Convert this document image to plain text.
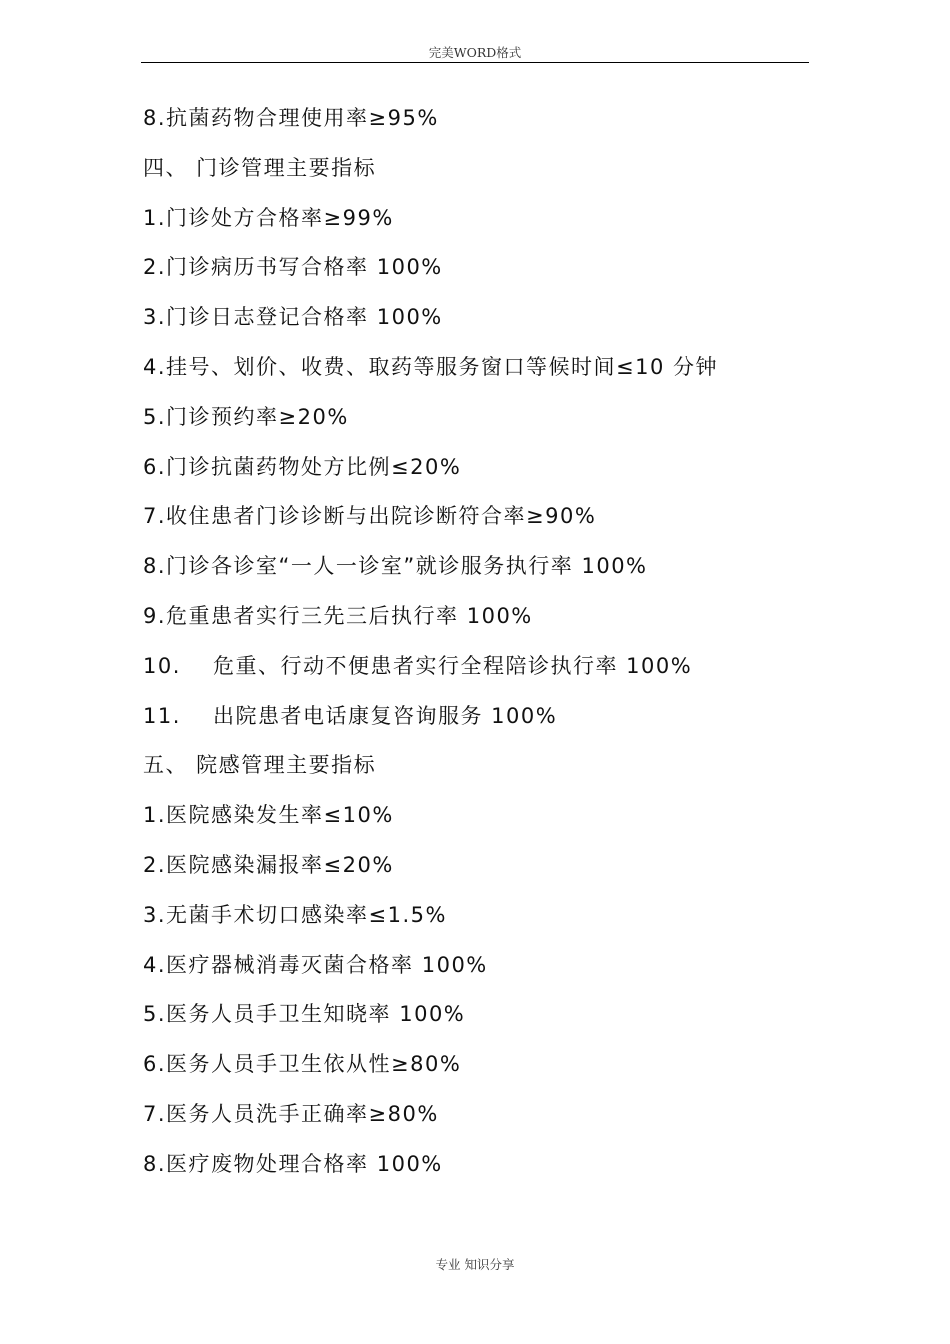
完美WORD格式
8.抗菌药物合理使用率≥95%
四、 门诊管理主要指标
1.门诊处方合格率≥99%
2.门诊病历书写合格率 100%
3.门诊日志登记合格率 100%
4.挂号、划价、收费、取药等服务窗口等候时间≤10 分钟
5.门诊预约率≥20%
6.门诊抗菌药物处方比例≤20%
7.收住患者门诊诊断与出院诊断符合率≥90%
8.门诊各诊室“一人一诊室”就诊服务执行率 100%
9.危重患者实行三先三后执行率 100%
10. 危重、行动不便患者实行全程陪诊执行率 100%
11. 出院患者电话康复咨询服务 100%
五、 院感管理主要指标
1.医院感染发生率≤10%
2.医院感染漏报率≤20%
3.无菌手术切口感染率≤1.5%
4.医疗器械消毒灭菌合格率 100%
5.医务人员手卫生知晓率 100%
6.医务人员手卫生依从性≥80%
7.医务人员洗手正确率≥80%
8.医疗废物处理合格率 100%
专业 知识分享
